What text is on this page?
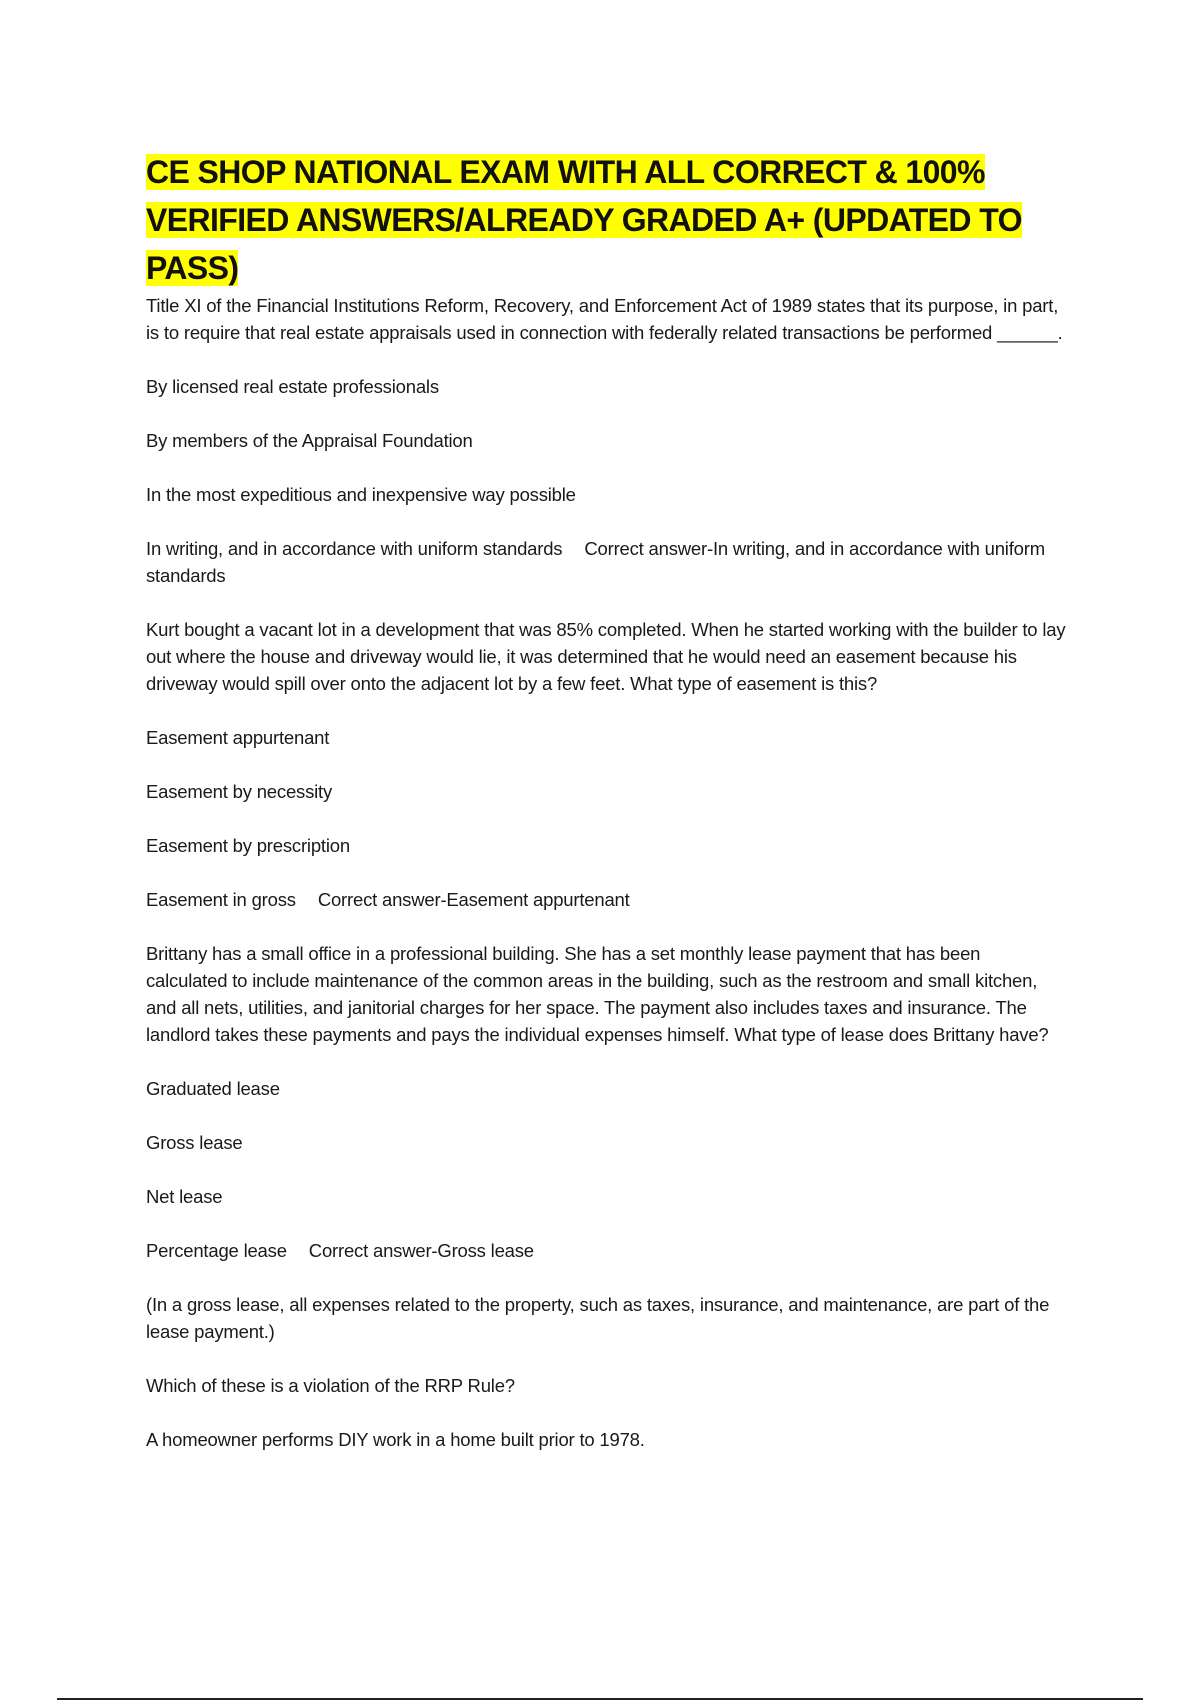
CE SHOP NATIONAL EXAM WITH ALL CORRECT & 100% VERIFIED ANSWERS/ALREADY GRADED A+ (UPDATED TO PASS)

Title XI of the Financial Institutions Reform, Recovery, and Enforcement Act of 1989 states that its purpose, in part, is to require that real estate appraisals used in connection with federally related transactions be performed ______.

By licensed real estate professionals

By members of the Appraisal Foundation

In the most expeditious and inexpensive way possible

In writing, and in accordance with uniform standards Correct answer-In writing, and in accordance with uniform standards

Kurt bought a vacant lot in a development that was 85% completed. When he started working with the builder to lay out where the house and driveway would lie, it was determined that he would need an easement because his driveway would spill over onto the adjacent lot by a few feet. What type of easement is this?

Easement appurtenant

Easement by necessity

Easement by prescription

Easement in gross Correct answer-Easement appurtenant

Brittany has a small office in a professional building. She has a set monthly lease payment that has been calculated to include maintenance of the common areas in the building, such as the restroom and small kitchen, and all nets, utilities, and janitorial charges for her space. The payment also includes taxes and insurance. The landlord takes these payments and pays the individual expenses himself. What type of lease does Brittany have?

Graduated lease

Gross lease

Net lease

Percentage lease Correct answer-Gross lease

(In a gross lease, all expenses related to the property, such as taxes, insurance, and maintenance, are part of the lease payment.)

Which of these is a violation of the RRP Rule?

A homeowner performs DIY work in a home built prior to 1978.
